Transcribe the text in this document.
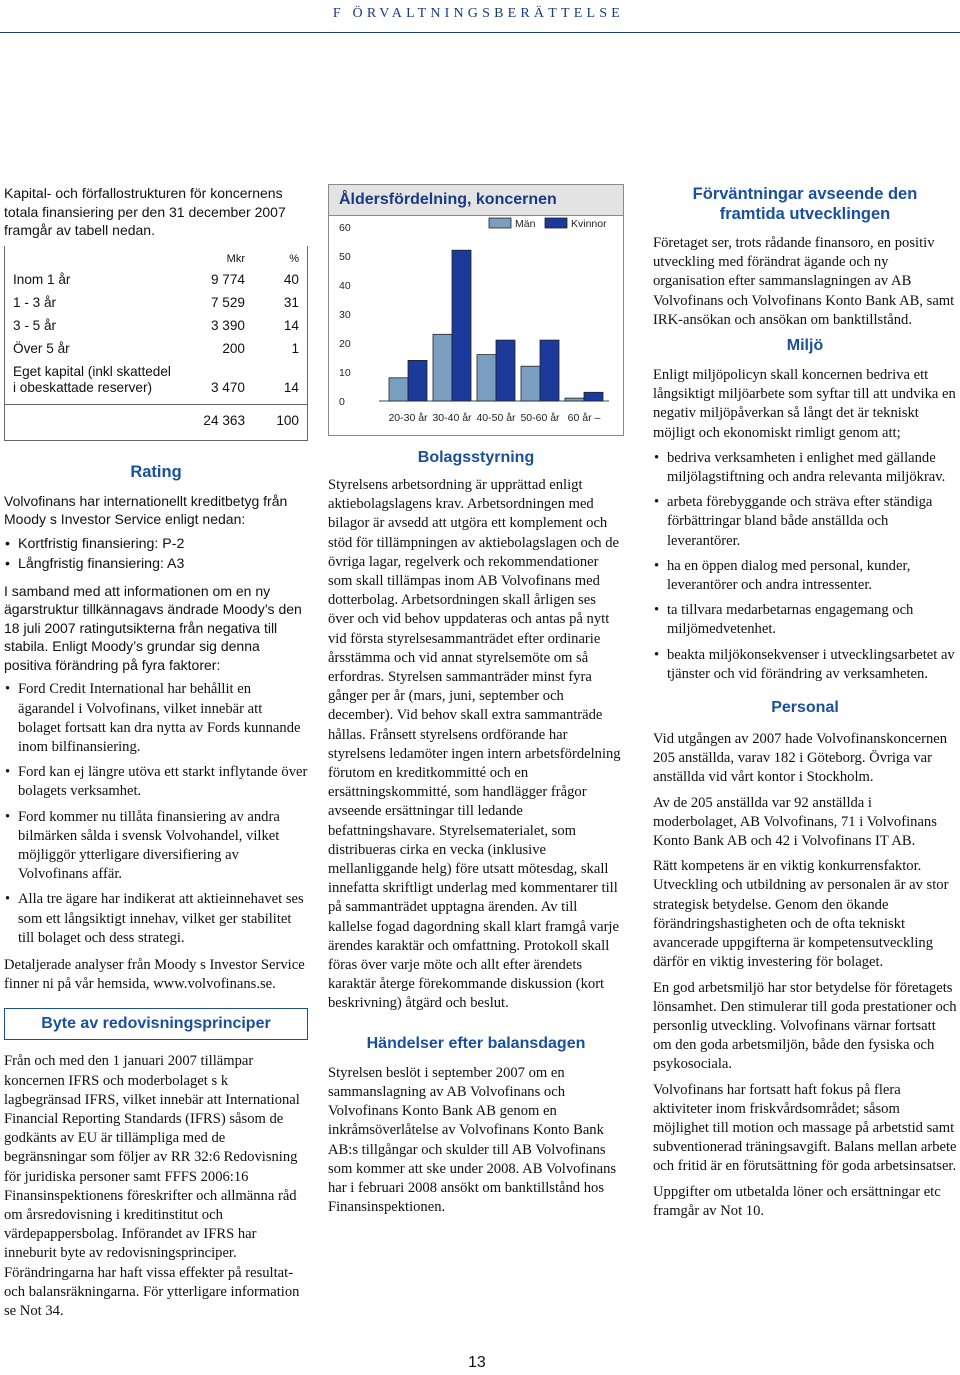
F ÖRVALTNINGSBERÄTTELSE

Kapital- och förfallostrukturen för koncernens totala finansiering per den 31 december 2007 framgår av tabell nedan.

Mkr	%
Inom 1 år	9 774	40
1 - 3 år	7 529	31
3 - 5 år	3 390	14
Över 5 år	200	1
Eget kapital (inkl skattedel
i obeskattade reserver)	3 470	14
24 363	100
Rating

Volvofinans har internationellt kreditbetyg från Moody s Investor Service enligt nedan:

• Kortfristig finansiering: P-2
• Långfristig finansiering: A3

I samband med att informationen om en ny ägarstruktur tillkännagavs ändrade Moody’s den 18 juli 2007 ratingutsikterna från negativa till stabila. Enligt Moody’s grundar sig denna positiva förändring på fyra faktorer:

• Ford Credit International har behållit en ägarandel i Volvofinans, vilket innebär att bolaget fortsatt kan dra nytta av Fords kunnande inom bilfinansiering.
• Ford kan ej längre utöva ett starkt inflytande över bolagets verksamhet.
• Ford kommer nu tillåta finansiering av andra bilmärken sålda i svensk Volvohandel, vilket möjliggör ytterligare diversifiering av Volvofinans affär.
• Alla tre ägare har indikerat att aktieinnehavet ses som ett långsiktigt innehav, vilket ger stabilitet till bolaget och dess strategi.

Detaljerade analyser från Moody s Investor Service finner ni på vår hemsida, www.volvofinans.se.

Byte av redovisningsprinciper

Från och med den 1 januari 2007 tillämpar koncernen IFRS och moderbolaget s k lagbegränsad IFRS, vilket innebär att International Financial Reporting Standards (IFRS) såsom de godkänts av EU är tillämpliga med de begränsningar som följer av RR 32:6 Redovisning för juridiska personer samt FFFS 2006:16 Finansinspektionens föreskrifter och allmänna råd om årsredovisning i kreditinstitut och värdepappersbolag. Införandet av IFRS har inneburit byte av redovisningsprinciper. Förändringarna har haft vissa effekter på resultat- och balansräkningarna. För ytterligare information se Not 34.

Åldersfördelning, koncernen
0
10
20
30
40
50
60
20-30 år 30-40 år 40-50 år 50-60 år 60 år –
Män	Kvinnor
Bolagsstyrning

Styrelsens arbetsordning är upprättad enligt aktiebolagslagens krav. Arbetsordningen med bilagor är avsedd att utgöra ett komplement och stöd för tillämpningen av aktiebolagslagen och de övriga lagar, regelverk och rekommendationer som skall tillämpas inom AB Volvofinans med dotterbolag. Arbetsordningen skall årligen ses över och vid behov uppdateras och antas på nytt vid första styrelsesammanträdet efter ordinarie årsstämma och vid annat styrelsemöte om så erfordras. Styrelsen sammanträder minst fyra gånger per år (mars, juni, september och december). Vid behov skall extra sammanträde hållas. Frånsett styrelsens ordförande har styrelsens ledamöter ingen intern arbetsfördelning förutom en kreditkommitté och en ersättningskommitté, som handlägger frågor avseende ersättningar till ledande befattningshavare. Styrelsematerialet, som distribueras cirka en vecka (inklusive mellanliggande helg) före utsatt mötesdag, skall innefatta skriftligt underlag med kommentarer till på sammanträdet upptagna ärenden. Av till kallelse fogad dagordning skall klart framgå varje ärendes karaktär och omfattning. Protokoll skall föras över varje möte och allt efter ärendets karaktär återge förekommande diskussion (kort beskrivning) åtgärd och beslut.

Händelser efter balansdagen

Styrelsen beslöt i september 2007 om en sammanslagning av AB Volvofinans och Volvofinans Konto Bank AB genom en inkråmsöverlåtelse av Volvofinans Konto Bank AB:s tillgångar och skulder till AB Volvofinans som kommer att ske under 2008. AB Volvofinans har i februari 2008 ansökt om banktillstånd hos Finansinspektionen.

Förväntningar avseende den
framtida utvecklingen

Företaget ser, trots rådande finansoro, en positiv utveckling med förändrat ägande och ny organisation efter sammanslagningen av AB Volvofinans och Volvofinans Konto Bank AB, samt IRK-ansökan och ansökan om banktillstånd.

Miljö

Enligt miljöpolicyn skall koncernen bedriva ett långsiktigt miljöarbete som syftar till att undvika en negativ miljöpåverkan så långt det är tekniskt möjligt och ekonomiskt rimligt genom att;

• bedriva verksamheten i enlighet med gällande miljölagstiftning och andra relevanta miljökrav.
• arbeta förebyggande och sträva efter ständiga förbättringar bland både anställda och leverantörer.
• ha en öppen dialog med personal, kunder, leverantörer och andra intressenter.
• ta tillvara medarbetarnas engagemang och miljömedvetenhet.
• beakta miljökonsekvenser i utvecklingsarbetet av tjänster och vid förändring av verksamheten.
Personal

Vid utgången av 2007 hade Volvofinanskoncernen 205 anställda, varav 182 i Göteborg. Övriga var anställda vid vårt kontor i Stockholm.

Av de 205 anställda var 92 anställda i moderbolaget, AB Volvofinans, 71 i Volvofinans Konto Bank AB och 42 i Volvofinans IT AB.

Rätt kompetens är en viktig konkurrensfaktor. Utveckling och utbildning av personalen är av stor strategisk betydelse. Genom den ökande förändringshastigheten och de ofta tekniskt avancerade uppgifterna är kompetensutveckling därför en viktig investering för bolaget.

En god arbetsmiljö har stor betydelse för företagets lönsamhet. Den stimulerar till goda prestationer och personlig utveckling. Volvofinans värnar fortsatt om den goda arbetsmiljön, både den fysiska och psykosociala.

Volvofinans har fortsatt haft fokus på flera aktiviteter inom friskvårdsområdet; såsom möjlighet till motion och massage på arbetstid samt subventionerad träningsavgift. Balans mellan arbete och fritid är en förutsättning för goda arbetsinsatser.

Uppgifter om utbetalda löner och ersättningar etc framgår av Not 10.

13
